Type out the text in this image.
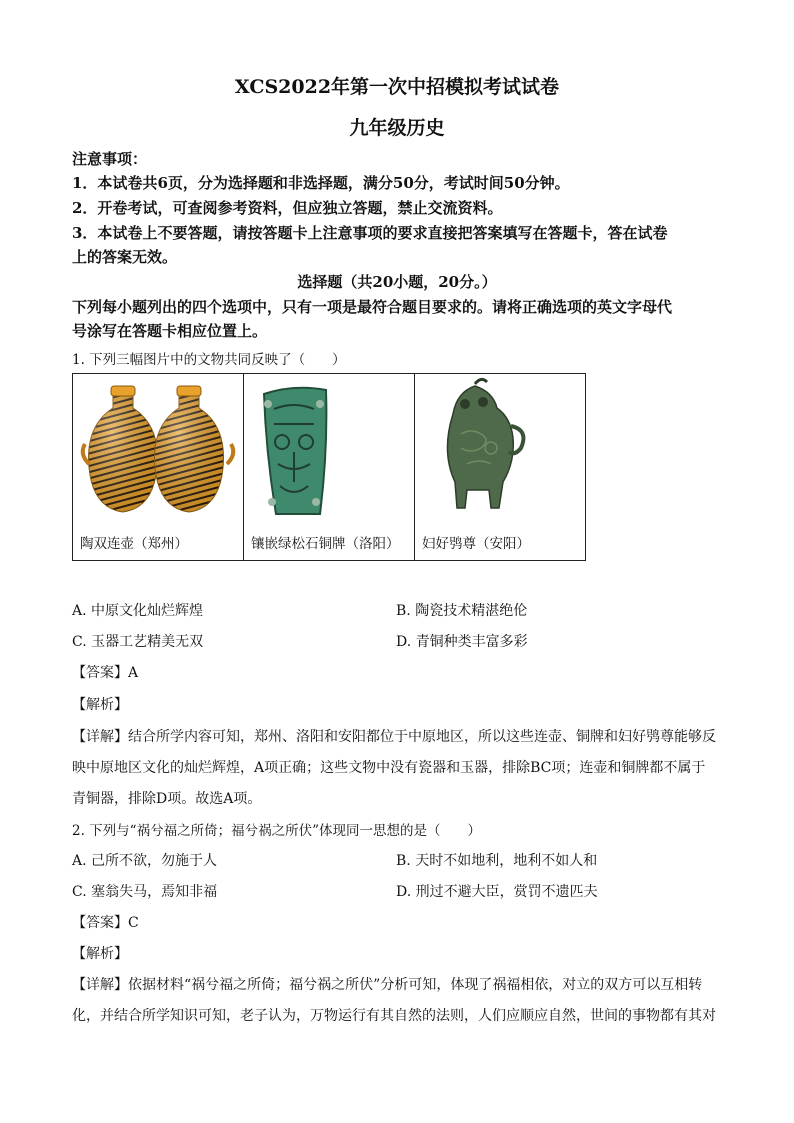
XCS2022年第一次中招模拟考试试卷
九年级历史
注意事项：
1．本试卷共6页，分为选择题和非选择题，满分50分，考试时间50分钟。
2．开卷考试，可查阅参考资料，但应独立答题，禁止交流资料。
3．本试卷上不要答题，请按答题卡上注意事项的要求直接把答案填写在答题卡，答在试卷
上的答案无效。
选择题（共20小题，20分。）
下列每小题列出的四个选项中，只有一项是最符合题目要求的。请将正确选项的英文字母代
号涂写在答题卡相应位置上。
1. 下列三幅图片中的文物共同反映了（　　）
陶双连壶（郑州）	镶嵌绿松石铜牌（洛阳）	妇好鸮尊（安阳）
A. 中原文化灿烂辉煌	B. 陶瓷技术精湛绝伦
C. 玉器工艺精美无双	D. 青铜种类丰富多彩
【答案】A
【解析】
【详解】结合所学内容可知，郑州、洛阳和安阳都位于中原地区，所以这些连壶、铜牌和妇好鸮尊能够反
映中原地区文化的灿烂辉煌，A项正确；这些文物中没有瓷器和玉器，排除BC项；连壶和铜牌都不属于
青铜器，排除D项。故选A项。
2. 下列与“祸兮福之所倚；福兮祸之所伏”体现同一思想的是（　　）
A. 己所不欲，勿施于人	B. 天时不如地利，地利不如人和
C. 塞翁失马，焉知非福	D. 刑过不避大臣，赏罚不遗匹夫
【答案】C
【解析】
【详解】依据材料“祸兮福之所倚；福兮祸之所伏”分析可知，体现了祸福相依，对立的双方可以互相转
化，并结合所学知识可知，老子认为，万物运行有其自然的法则，人们应顺应自然，世间的事物都有其对
